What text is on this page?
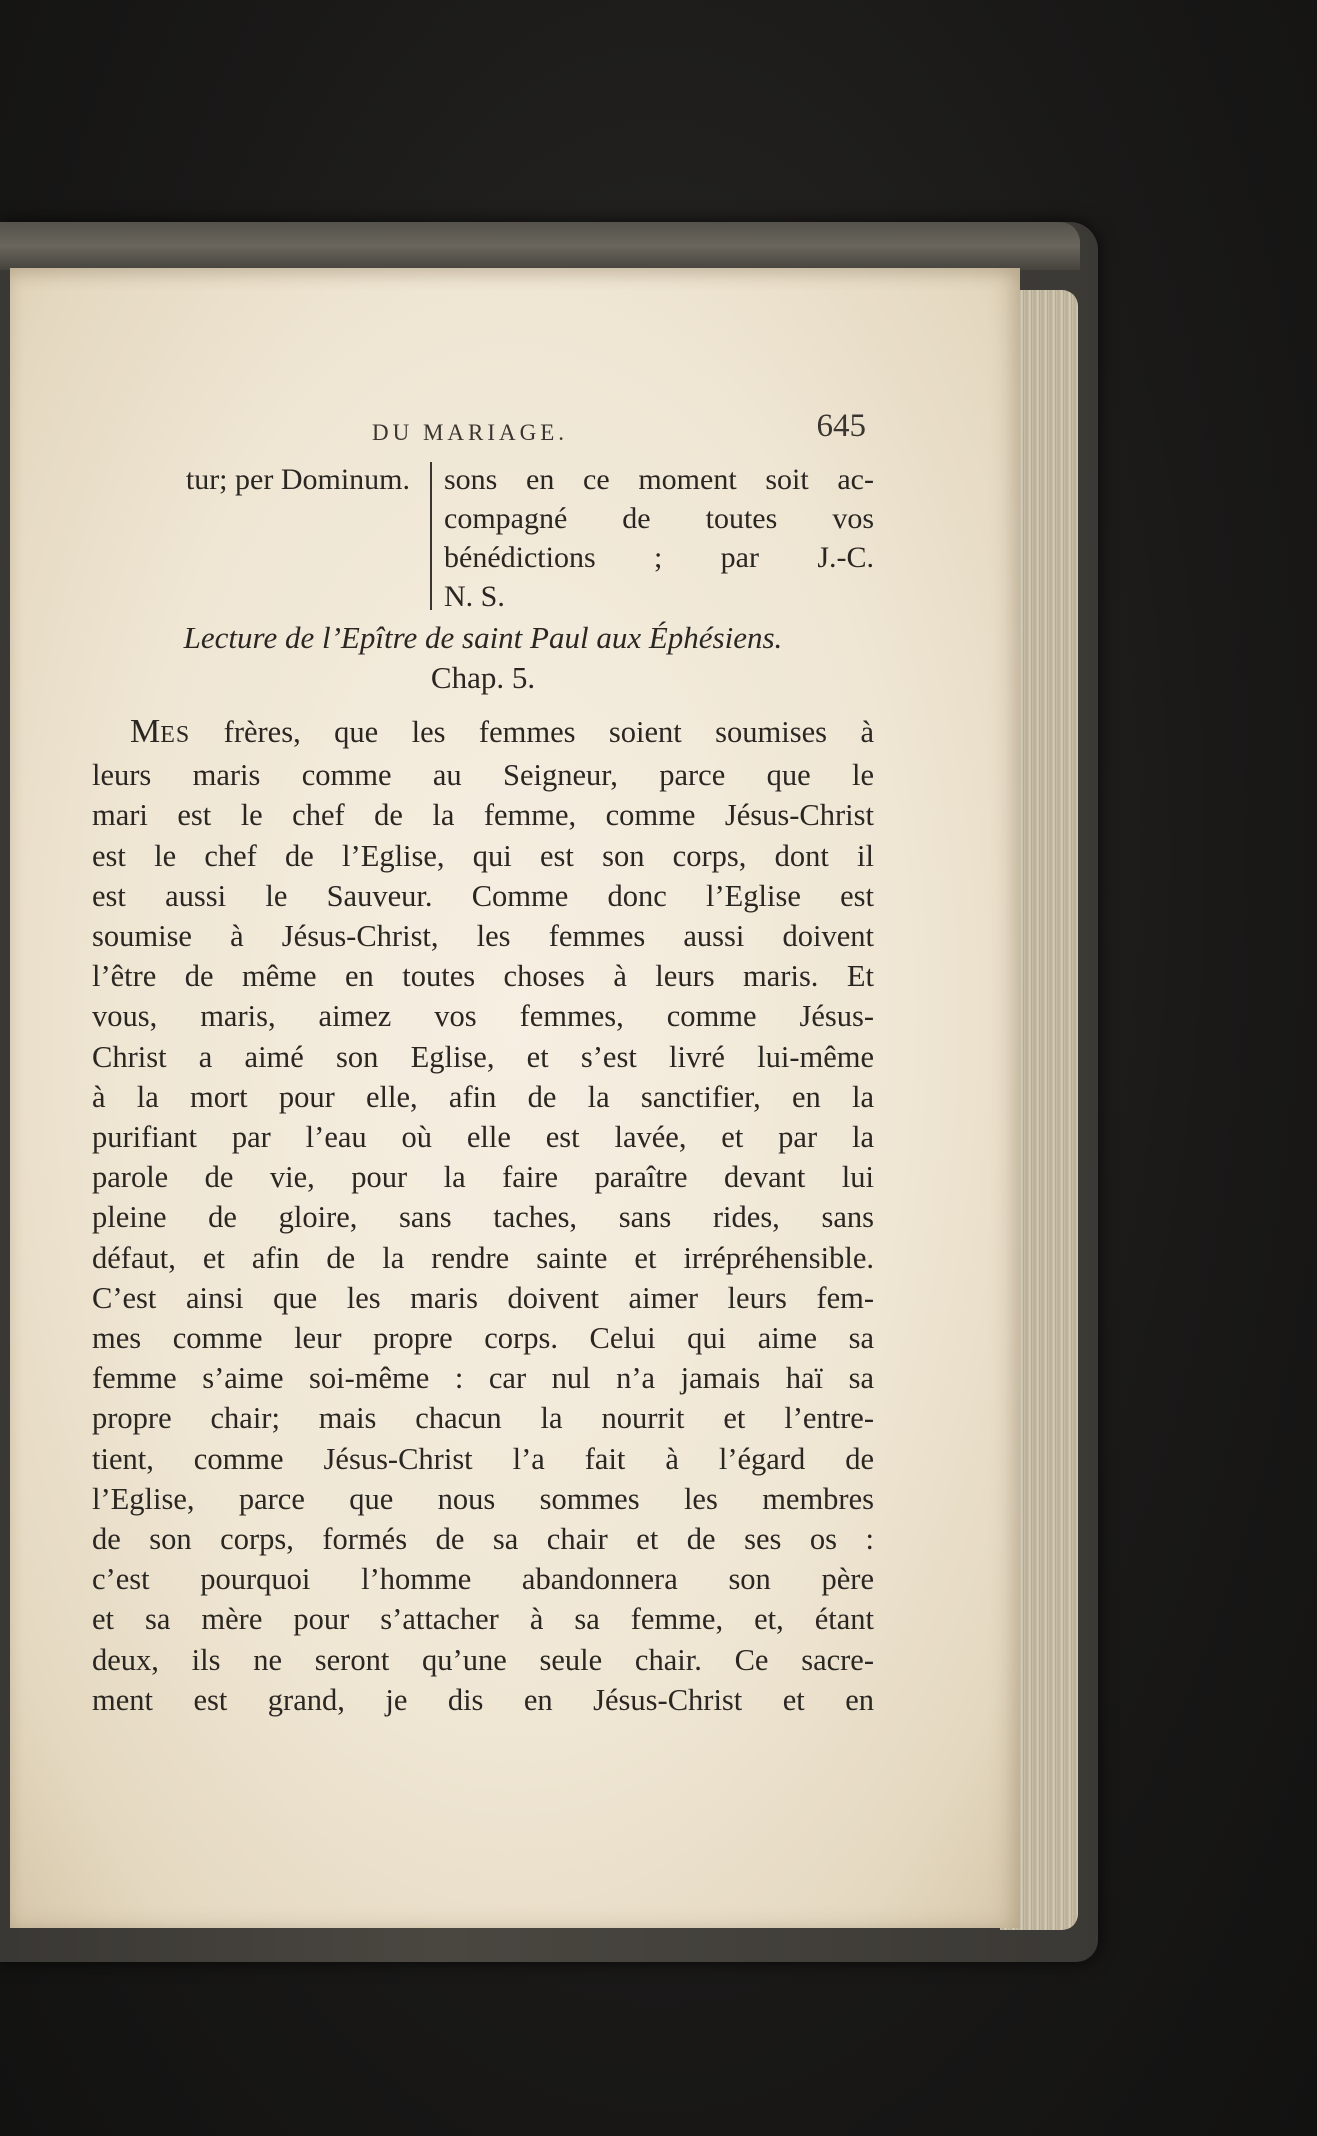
DU MARIAGE.	645
tur; per Dominum. sons en ce moment soit ac-
compagné de toutes vos
bénédictions ; par J.-C.
N. S.
Lecture de l’Epître de saint Paul aux Éphésiens.
Chap. 5.
MES frères, que les femmes soient soumises à
leurs maris comme au Seigneur, parce que le
mari est le chef de la femme, comme Jésus-Christ
est le chef de l’Eglise, qui est son corps, dont il
est aussi le Sauveur. Comme donc l’Eglise est
soumise à Jésus-Christ, les femmes aussi doivent
l’être de même en toutes choses à leurs maris. Et
vous, maris, aimez vos femmes, comme Jésus-
Christ a aimé son Eglise, et s’est livré lui-même
à la mort pour elle, afin de la sanctifier, en la
purifiant par l’eau où elle est lavée, et par la
parole de vie, pour la faire paraître devant lui
pleine de gloire, sans taches, sans rides, sans
défaut, et afin de la rendre sainte et irrépréhensible.
C’est ainsi que les maris doivent aimer leurs fem-
mes comme leur propre corps. Celui qui aime sa
femme s’aime soi-même : car nul n’a jamais haï sa
propre chair; mais chacun la nourrit et l’entre-
tient, comme Jésus-Christ l’a fait à l’égard de
l’Eglise, parce que nous sommes les membres
de son corps, formés de sa chair et de ses os :
c’est pourquoi l’homme abandonnera son père
et sa mère pour s’attacher à sa femme, et, étant
deux, ils ne seront qu’une seule chair. Ce sacre-
ment est grand, je dis en Jésus-Christ et en
